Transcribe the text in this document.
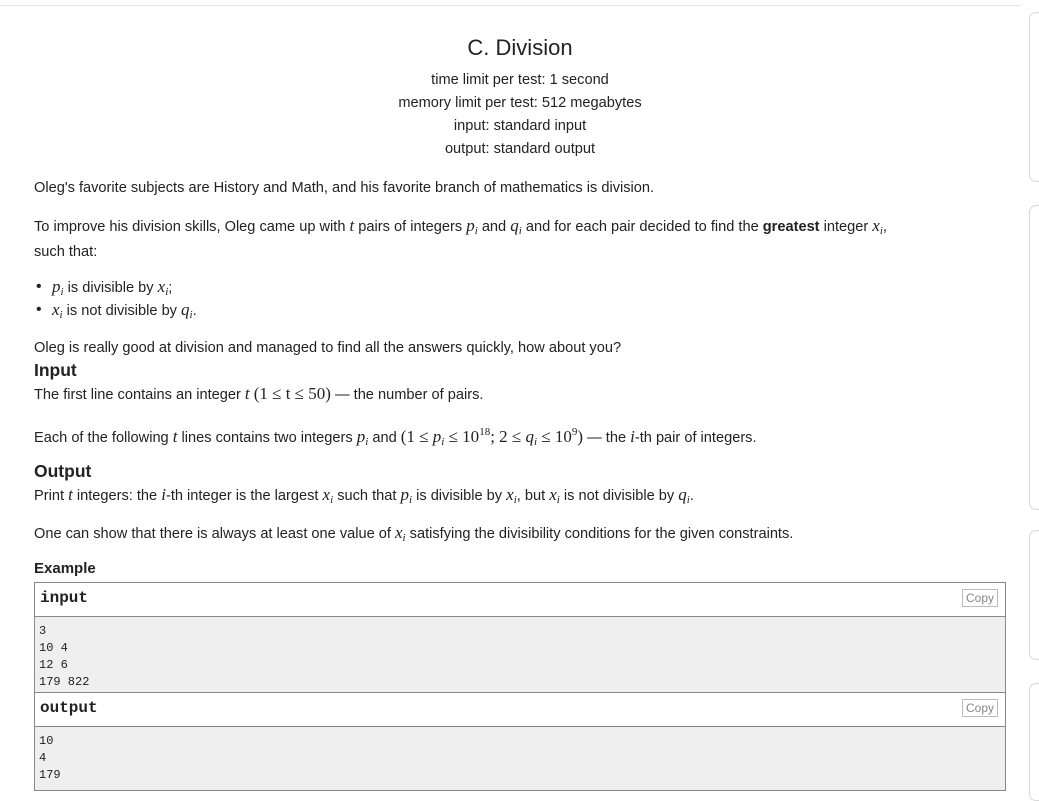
C. Division
time limit per test: 1 second
memory limit per test: 512 megabytes
input: standard input
output: standard output
Oleg's favorite subjects are History and Math, and his favorite branch of mathematics is division.
To improve his division skills, Oleg came up with t pairs of integers $p_i$ and $q_i$ and for each pair decided to find the greatest integer $x_i$,
such that:
• $p_i$ is divisible by $x_i$;
• $x_i$ is not divisible by $q_i$.
Oleg is really good at division and managed to find all the answers quickly, how about you?
Input
The first line contains an integer t (1 ≤ t ≤ 50) — the number of pairs.
Each of the following t lines contains two integers $p_i$ and ($1 \le p_i \le 10^{18}$; $2 \le q_i \le 10^9$) — the i-th pair of integers.
Output
Print t integers: the i-th integer is the largest $x_i$ such that $p_i$ is divisible by $x_i$, but $x_i$ is not divisible by $q_i$.
One can show that there is always at least one value of $x_i$ satisfying the divisibility conditions for the given constraints.
Example
input	Copy
3
10 4
12 6
179 822
output	Copy
10
4
179
